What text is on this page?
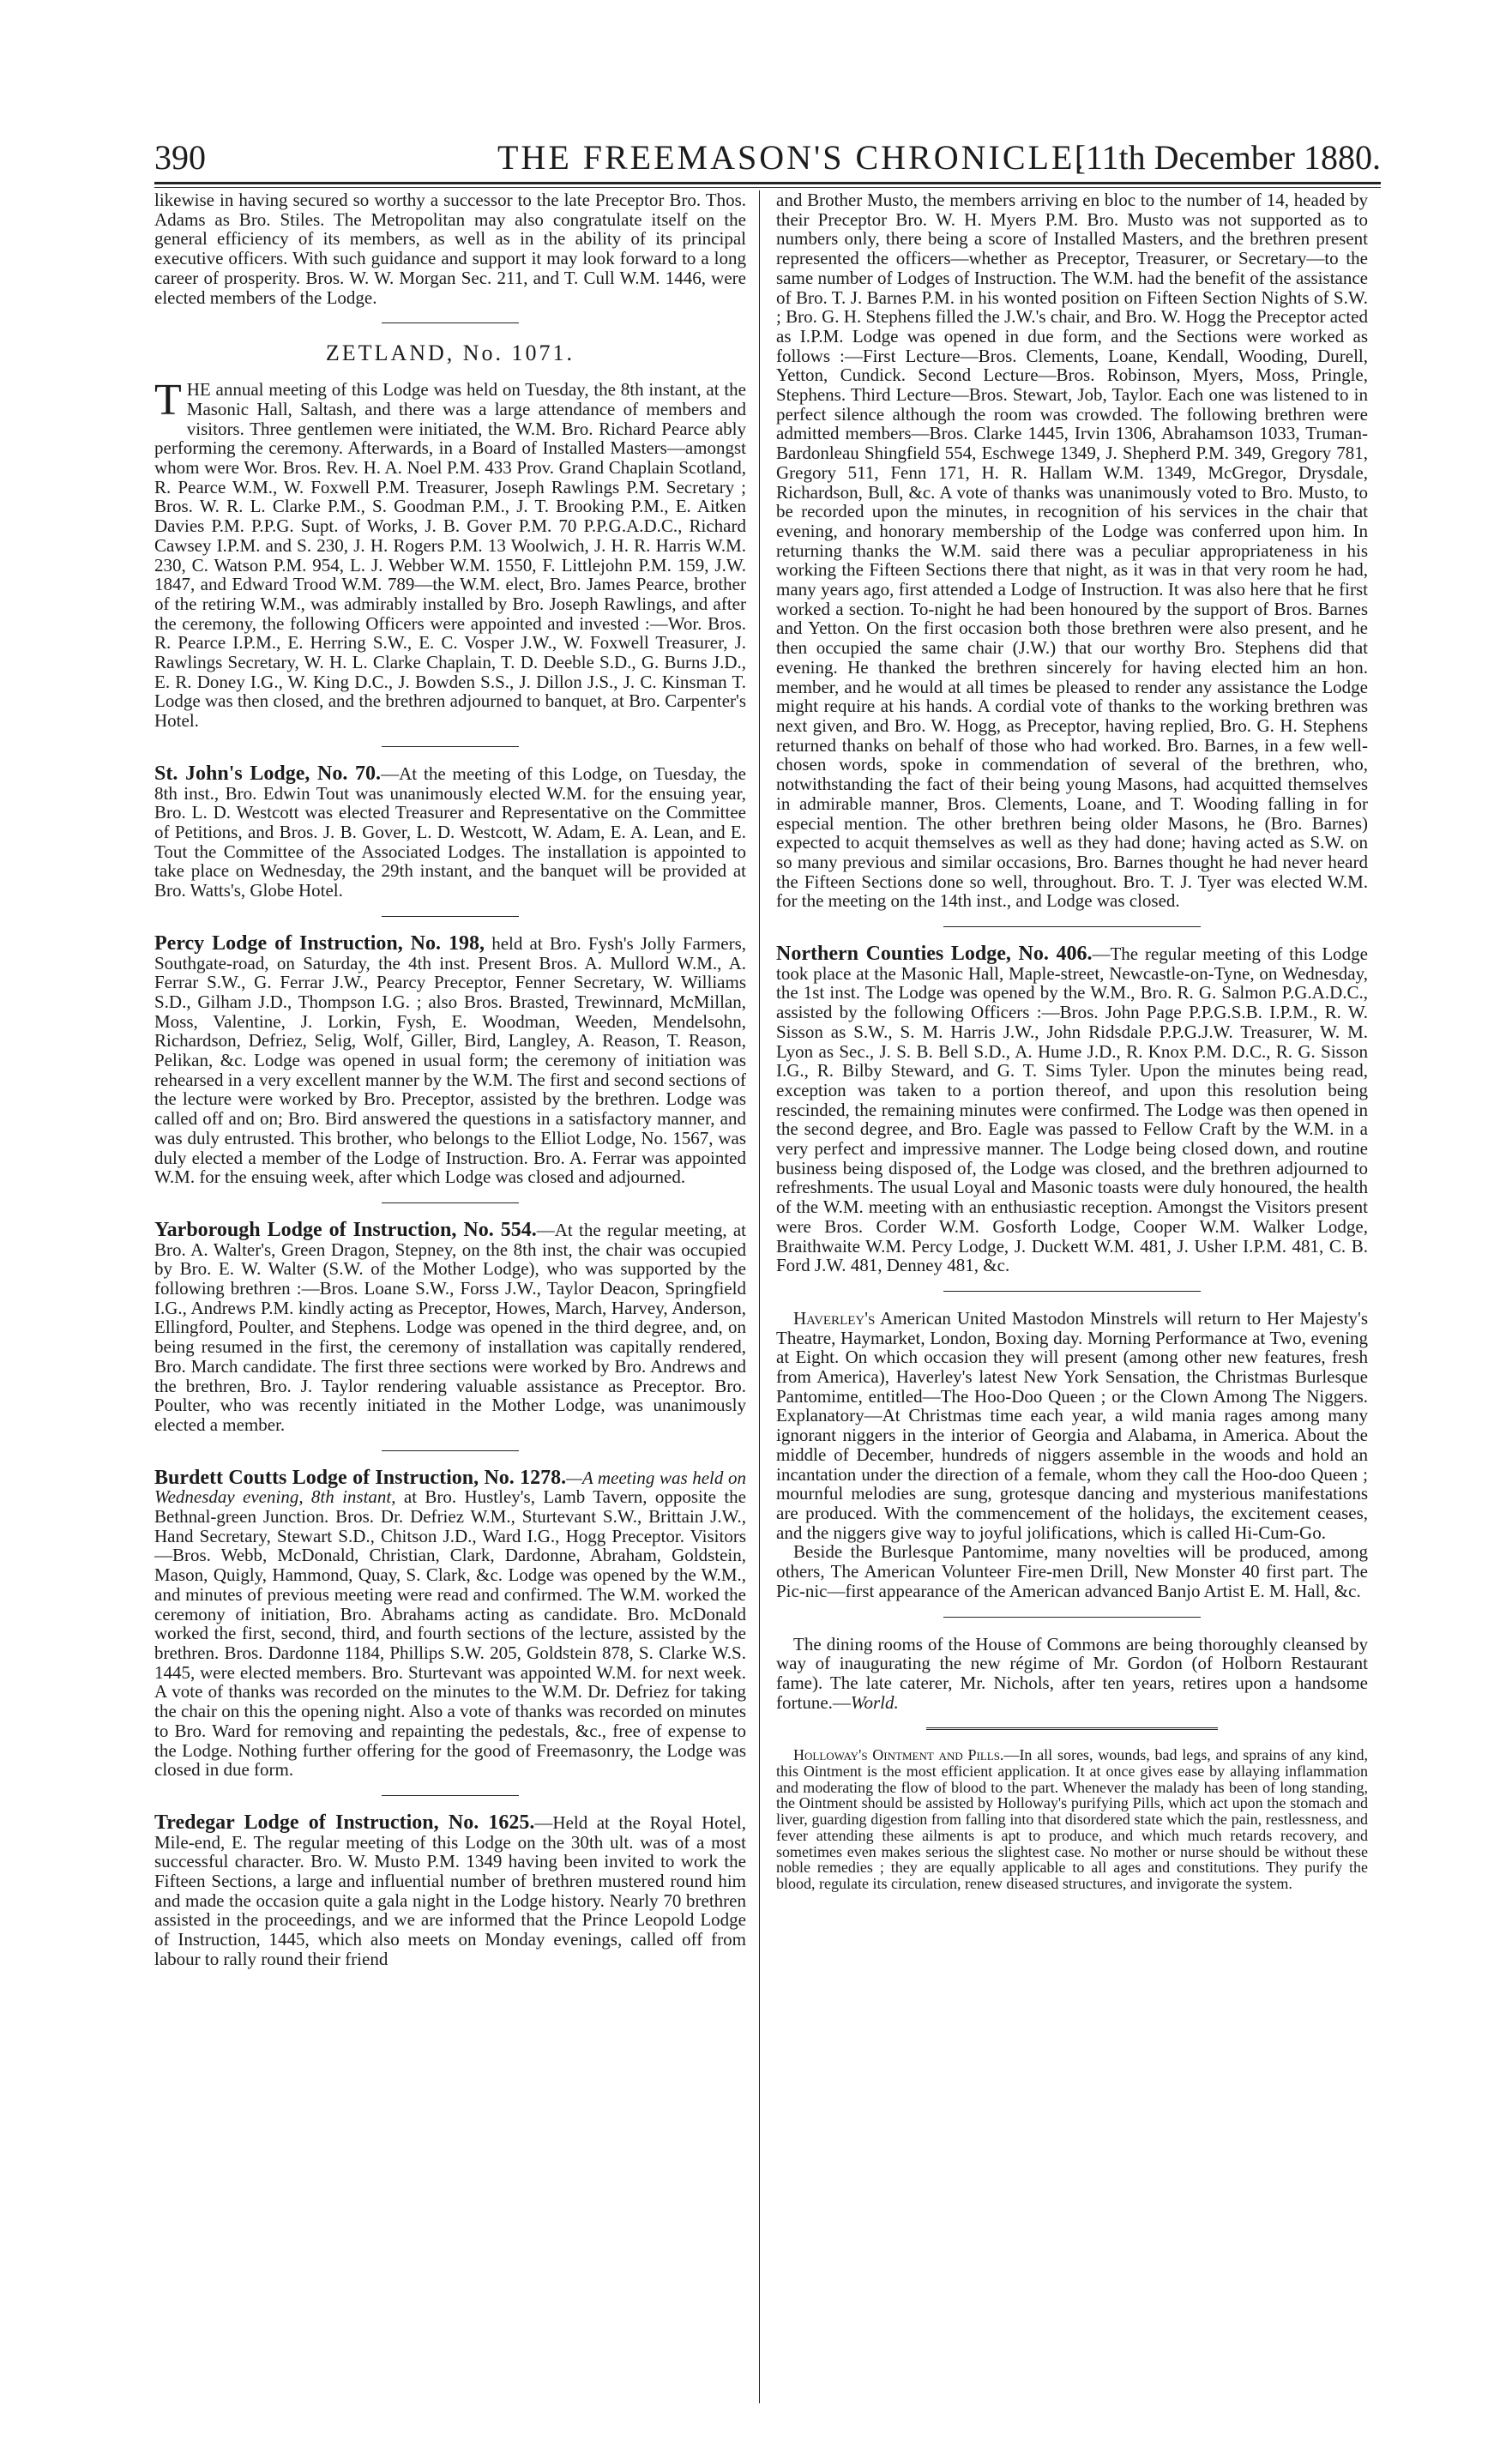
390	THE FREEMASON'S CHRONICLE.
[11th December 1880.

likewise in having secured so worthy a successor to the late Preceptor Bro. Thos. Adams as Bro. Stiles. The Metropolitan may also congratulate itself on the general efficiency of its members, as well as in the ability of its principal executive officers. With such guidance and support it may look forward to a long career of prosperity. Bros. W. W. Morgan Sec. 211, and T. Cull W.M. 1446, were elected members of the Lodge.

ZETLAND, No. 1071.

THE annual meeting of this Lodge was held on Tuesday, the 8th instant, at the Masonic Hall, Saltash, and there was a large attendance of members and visitors. Three gentlemen were initiated, the W.M. Bro. Richard Pearce ably performing the ceremony. Afterwards, in a Board of Installed Masters—amongst whom were Wor. Bros. Rev. H. A. Noel P.M. 433 Prov. Grand Chaplain Scotland, R. Pearce W.M., W. Foxwell P.M. Treasurer, Joseph Rawlings P.M. Secretary ; Bros. W. R. L. Clarke P.M., S. Goodman P.M., J. T. Brooking P.M., E. Aitken Davies P.M. P.P.G. Supt. of Works, J. B. Gover P.M. 70 P.P.G.A.D.C., Richard Cawsey I.P.M. and S. 230, J. H. Rogers P.M. 13 Woolwich, J. H. R. Harris W.M. 230, C. Watson P.M. 954, L. J. Webber W.M. 1550, F. Littlejohn P.M. 159, J.W. 1847, and Edward Trood W.M. 789—the W.M. elect, Bro. James Pearce, brother of the retiring W.M., was admirably installed by Bro. Joseph Rawlings, and after the ceremony, the following Officers were appointed and invested :—Wor. Bros. R. Pearce I.P.M., E. Herring S.W., E. C. Vosper J.W., W. Foxwell Treasurer, J. Rawlings Secretary, W. H. L. Clarke Chaplain, T. D. Deeble S.D., G. Burns J.D., E. R. Doney I.G., W. King D.C., J. Bowden S.S., J. Dillon J.S., J. C. Kinsman T. Lodge was then closed, and the brethren adjourned to banquet, at Bro. Carpenter's Hotel.

St. John's Lodge, No. 70.—At the meeting of this Lodge, on Tuesday, the 8th inst., Bro. Edwin Tout was unanimously elected W.M. for the ensuing year, Bro. L. D. Westcott was elected Treasurer and Representative on the Committee of Petitions, and Bros. J. B. Gover, L. D. Westcott, W. Adam, E. A. Lean, and E. Tout the Committee of the Associated Lodges. The installation is appointed to take place on Wednesday, the 29th instant, and the banquet will be provided at Bro. Watts's, Globe Hotel.

Percy Lodge of Instruction, No. 198, held at Bro. Fysh's Jolly Farmers, Southgate-road, on Saturday, the 4th inst. Present Bros. A. Mullord W.M., A. Ferrar S.W., G. Ferrar J.W., Pearcy Preceptor, Fenner Secretary, W. Williams S.D., Gilham J.D., Thompson I.G. ; also Bros. Brasted, Trewinnard, McMillan, Moss, Valentine, J. Lorkin, Fysh, E. Woodman, Weeden, Mendelsohn, Richardson, Defriez, Selig, Wolf, Giller, Bird, Langley, A. Reason, T. Reason, Pelikan, &c. Lodge was opened in usual form; the ceremony of initiation was rehearsed in a very excellent manner by the W.M. The first and second sections of the lecture were worked by Bro. Preceptor, assisted by the brethren. Lodge was called off and on; Bro. Bird answered the questions in a satisfactory manner, and was duly entrusted. This brother, who belongs to the Elliot Lodge, No. 1567, was duly elected a member of the Lodge of Instruction. Bro. A. Ferrar was appointed W.M. for the ensuing week, after which Lodge was closed and adjourned.

Yarborough Lodge of Instruction, No. 554.—At the regular meeting, at Bro. A. Walter's, Green Dragon, Stepney, on the 8th inst, the chair was occupied by Bro. E. W. Walter (S.W. of the Mother Lodge), who was supported by the following brethren :—Bros. Loane S.W., Forss J.W., Taylor Deacon, Springfield I.G., Andrews P.M. kindly acting as Preceptor, Howes, March, Harvey, Anderson, Ellingford, Poulter, and Stephens. Lodge was opened in the third degree, and, on being resumed in the first, the ceremony of installation was capitally rendered, Bro. March candidate. The first three sections were worked by Bro. Andrews and the brethren, Bro. J. Taylor rendering valuable assistance as Preceptor. Bro. Poulter, who was recently initiated in the Mother Lodge, was unanimously elected a member.

Burdett Coutts Lodge of Instruction, No. 1278.—A meeting was held on Wednesday evening, 8th instant, at Bro. Hustley's, Lamb Tavern, opposite the Bethnal-green Junction. Bros. Dr. Defriez W.M., Sturtevant S.W., Brittain J.W., Hand Secretary, Stewart S.D., Chitson J.D., Ward I.G., Hogg Preceptor. Visitors—Bros. Webb, McDonald, Christian, Clark, Dardonne, Abraham, Goldstein, Mason, Quigly, Hammond, Quay, S. Clark, &c. Lodge was opened by the W.M., and minutes of previous meeting were read and confirmed. The W.M. worked the ceremony of initiation, Bro. Abrahams acting as candidate. Bro. McDonald worked the first, second, third, and fourth sections of the lecture, assisted by the brethren. Bros. Dardonne 1184, Phillips S.W. 205, Goldstein 878, S. Clarke W.S. 1445, were elected members. Bro. Sturtevant was appointed W.M. for next week. A vote of thanks was recorded on the minutes to the W.M. Dr. Defriez for taking the chair on this the opening night. Also a vote of thanks was recorded on minutes to Bro. Ward for removing and repainting the pedestals, &c., free of expense to the Lodge. Nothing further offering for the good of Freemasonry, the Lodge was closed in due form.

Tredegar Lodge of Instruction, No. 1625.—Held at the Royal Hotel, Mile-end, E. The regular meeting of this Lodge on the 30th ult. was of a most successful character. Bro. W. Musto P.M. 1349 having been invited to work the Fifteen Sections, a large and influential number of brethren mustered round him and made the occasion quite a gala night in the Lodge history. Nearly 70 brethren assisted in the proceedings, and we are informed that the Prince Leopold Lodge of Instruction, 1445, which also meets on Monday evenings, called off from labour to rally round their friend

and Brother Musto, the members arriving en bloc to the number of 14, headed by their Preceptor Bro. W. H. Myers P.M. Bro. Musto was not supported as to numbers only, there being a score of Installed Masters, and the brethren present represented the officers—whether as Preceptor, Treasurer, or Secretary—to the same number of Lodges of Instruction. The W.M. had the benefit of the assistance of Bro. T. J. Barnes P.M. in his wonted position on Fifteen Section Nights of S.W. ; Bro. G. H. Stephens filled the J.W.'s chair, and Bro. W. Hogg the Preceptor acted as I.P.M. Lodge was opened in due form, and the Sections were worked as follows :—First Lecture—Bros. Clements, Loane, Kendall, Wooding, Durell, Yetton, Cundick. Second Lecture—Bros. Robinson, Myers, Moss, Pringle, Stephens. Third Lecture—Bros. Stewart, Job, Taylor. Each one was listened to in perfect silence although the room was crowded. The following brethren were admitted members—Bros. Clarke 1445, Irvin 1306, Abrahamson 1033, Truman-Bardonleau Shingfield 554, Eschwege 1349, J. Shepherd P.M. 349, Gregory 781, Gregory 511, Fenn 171, H. R. Hallam W.M. 1349, McGregor, Drysdale, Richardson, Bull, &c. A vote of thanks was unanimously voted to Bro. Musto, to be recorded upon the minutes, in recognition of his services in the chair that evening, and honorary membership of the Lodge was conferred upon him. In returning thanks the W.M. said there was a peculiar appropriateness in his working the Fifteen Sections there that night, as it was in that very room he had, many years ago, first attended a Lodge of Instruction. It was also here that he first worked a section. To-night he had been honoured by the support of Bros. Barnes and Yetton. On the first occasion both those brethren were also present, and he then occupied the same chair (J.W.) that our worthy Bro. Stephens did that evening. He thanked the brethren sincerely for having elected him an hon. member, and he would at all times be pleased to render any assistance the Lodge might require at his hands. A cordial vote of thanks to the working brethren was next given, and Bro. W. Hogg, as Preceptor, having replied, Bro. G. H. Stephens returned thanks on behalf of those who had worked. Bro. Barnes, in a few well-chosen words, spoke in commendation of several of the brethren, who, notwithstanding the fact of their being young Masons, had acquitted themselves in admirable manner, Bros. Clements, Loane, and T. Wooding falling in for especial mention. The other brethren being older Masons, he (Bro. Barnes) expected to acquit themselves as well as they had done; having acted as S.W. on so many previous and similar occasions, Bro. Barnes thought he had never heard the Fifteen Sections done so well, throughout. Bro. T. J. Tyer was elected W.M. for the meeting on the 14th inst., and Lodge was closed.

Northern Counties Lodge, No. 406.—The regular meeting of this Lodge took place at the Masonic Hall, Maple-street, Newcastle-on-Tyne, on Wednesday, the 1st inst. The Lodge was opened by the W.M., Bro. R. G. Salmon P.G.A.D.C., assisted by the following Officers :—Bros. John Page P.P.G.S.B. I.P.M., R. W. Sisson as S.W., S. M. Harris J.W., John Ridsdale P.P.G.J.W. Treasurer, W. M. Lyon as Sec., J. S. B. Bell S.D., A. Hume J.D., R. Knox P.M. D.C., R. G. Sisson I.G., R. Bilby Steward, and G. T. Sims Tyler. Upon the minutes being read, exception was taken to a portion thereof, and upon this resolution being rescinded, the remaining minutes were confirmed. The Lodge was then opened in the second degree, and Bro. Eagle was passed to Fellow Craft by the W.M. in a very perfect and impressive manner. The Lodge being closed down, and routine business being disposed of, the Lodge was closed, and the brethren adjourned to refreshments. The usual Loyal and Masonic toasts were duly honoured, the health of the W.M. meeting with an enthusiastic reception. Amongst the Visitors present were Bros. Corder W.M. Gosforth Lodge, Cooper W.M. Walker Lodge, Braithwaite W.M. Percy Lodge, J. Duckett W.M. 481, J. Usher I.P.M. 481, C. B. Ford J.W. 481, Denney 481, &c.

Haverley's American United Mastodon Minstrels will return to Her Majesty's Theatre, Haymarket, London, Boxing day. Morning Performance at Two, evening at Eight. On which occasion they will present (among other new features, fresh from America), Haverley's latest New York Sensation, the Christmas Burlesque Pantomime, entitled—The Hoo-Doo Queen ; or the Clown Among The Niggers. Explanatory—At Christmas time each year, a wild mania rages among many ignorant niggers in the interior of Georgia and Alabama, in America. About the middle of December, hundreds of niggers assemble in the woods and hold an incantation under the direction of a female, whom they call the Hoo-doo Queen ; mournful melodies are sung, grotesque dancing and mysterious manifestations are produced. With the commencement of the holidays, the excitement ceases, and the niggers give way to joyful jolifications, which is called Hi-Cum-Go.

Beside the Burlesque Pantomime, many novelties will be produced, among others, The American Volunteer Fire-men Drill, New Monster 40 first part. The Pic-nic—first appearance of the American advanced Banjo Artist E. M. Hall, &c.

The dining rooms of the House of Commons are being thoroughly cleansed by way of inaugurating the new régime of Mr. Gordon (of Holborn Restaurant fame). The late caterer, Mr. Nichols, after ten years, retires upon a handsome fortune.—World.

Holloway's Ointment and Pills.—In all sores, wounds, bad legs, and sprains of any kind, this Ointment is the most efficient application. It at once gives ease by allaying inflammation and moderating the flow of blood to the part. Whenever the malady has been of long standing, the Ointment should be assisted by Holloway's purifying Pills, which act upon the stomach and liver, guarding digestion from falling into that disordered state which the pain, restlessness, and fever attending these ailments is apt to produce, and which much retards recovery, and sometimes even makes serious the slightest case. No mother or nurse should be without these noble remedies ; they are equally applicable to all ages and constitutions. They purify the blood, regulate its circulation, renew diseased structures, and invigorate the system.
